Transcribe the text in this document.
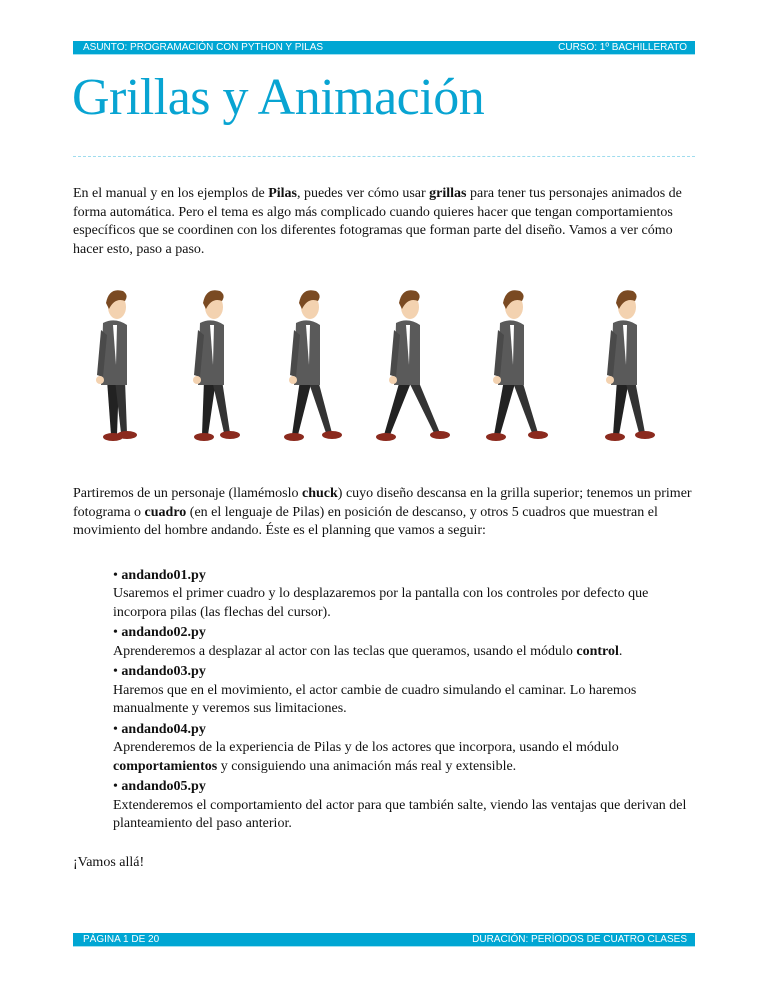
ASUNTO: PROGRAMACIÓN CON PYTHON Y PILAS	CURSO: 1º BACHILLERATO
Grillas y Animación

En el manual y en los ejemplos de Pilas, puedes ver cómo usar grillas para tener tus personajes animados de forma automática. Pero el tema es algo más complicado cuando quieres hacer que tengan comportamientos específicos que se coordinen con los diferentes fotogramas que forman parte del diseño. Vamos a ver cómo hacer esto, paso a paso.

Partiremos de un personaje (llamémoslo chuck) cuyo diseño descansa en la grilla superior; tenemos un primer fotograma o cuadro (en el lenguaje de Pilas) en posición de descanso, y otros 5 cuadros que muestran el movimiento del hombre andando. Éste es el planning que vamos a seguir:

• andando01.py
Usaremos el primer cuadro y lo desplazaremos por la pantalla con los controles por defecto que incorpora pilas (las flechas del cursor).
• andando02.py
Aprenderemos a desplazar al actor con las teclas que queramos, usando el módulo control.
• andando03.py
Haremos que en el movimiento, el actor cambie de cuadro simulando el caminar. Lo haremos manualmente y veremos sus limitaciones.
• andando04.py
Aprenderemos de la experiencia de Pilas y de los actores que incorpora, usando el módulo comportamientos y consiguiendo una animación más real y extensible.
• andando05.py
Extenderemos el comportamiento del actor para que también salte, viendo las ventajas que derivan del planteamiento del paso anterior.

¡Vamos allá!

PÁGINA 1 DE 20	DURACIÓN: PERÍODOS DE CUATRO CLASES
